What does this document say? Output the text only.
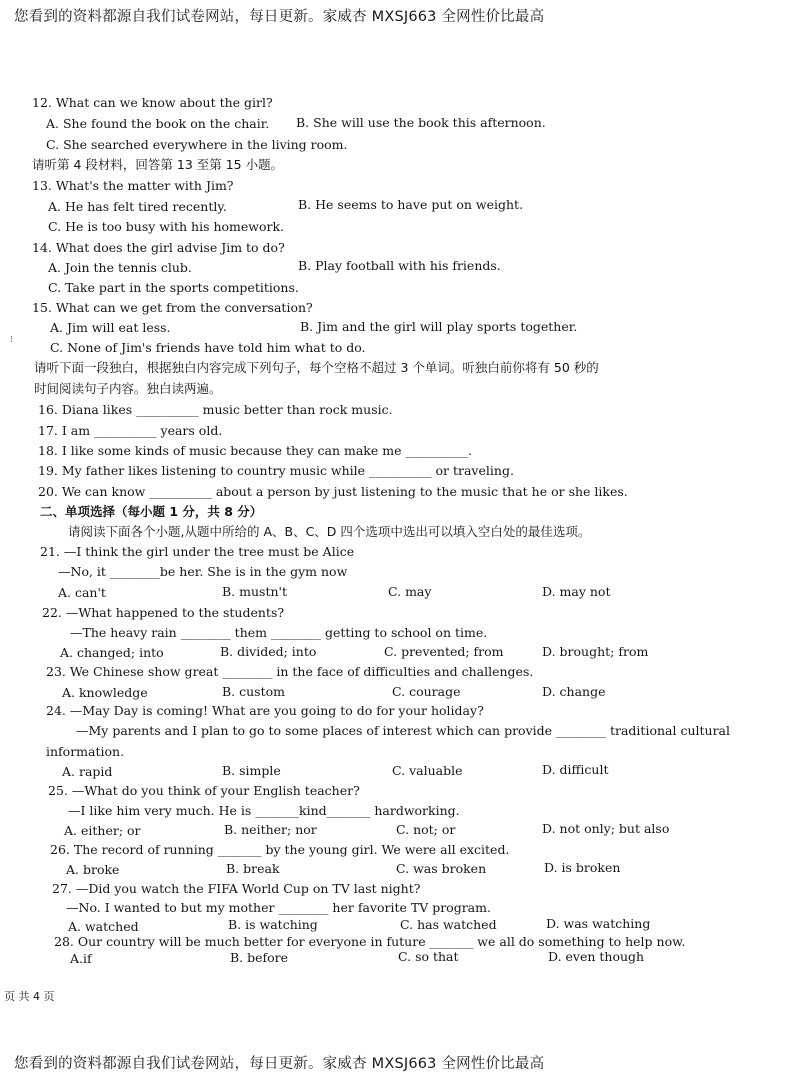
您看到的资料都源自我们试卷网站，每日更新。家威杏 MXSJ663 全网性价比最高
⁝
12. What can we know about the girl?
A. She found the book on the chair. B. She will use the book this afternoon.
C. She searched everywhere in the living room.
请听第 4 段材料，回答第 13 至第 15 小题。
13. What's the matter with Jim?
A. He has felt tired recently.	B. He seems to have put on weight.
C. He is too busy with his homework.
14. What does the girl advise Jim to do?
A. Join the tennis club.	B. Play football with his friends.
C. Take part in the sports competitions.
15. What can we get from the conversation?
A. Jim will eat less.	B. Jim and the girl will play sports together.
C. None of Jim's friends have told him what to do.
请听下面一段独白，根据独白内容完成下列句子，每个空格不超过 3 个单词。听独白前你将有 50 秒的
时间阅读句子内容。独白读两遍。
16. Diana likes __________ music better than rock music.
17. I am __________ years old.
18. I like some kinds of music because they can make me __________.
19. My father likes listening to country music while __________ or traveling.
20. We can know __________ about a person by just listening to the music that he or she likes.
二、单项选择（每小题 1 分，共 8 分）
请阅读下面各个小题,从题中所给的 A、B、C、D 四个选项中选出可以填入空白处的最佳选项。
21. —I think the girl under the tree must be Alice
—No, it ________be her. She is in the gym now
A. can't	B. mustn't	C. may	D. may not
22. —What happened to the students?
—The heavy rain ________ them ________ getting to school on time.
A. changed; into	B. divided; into	C. prevented; from	D. brought; from
23. We Chinese show great ________ in the face of difficulties and challenges.
A. knowledge	B. custom	C. courage	D. change
24. —May Day is coming! What are you going to do for your holiday?
—My parents and I plan to go to some places of interest which can provide ________ traditional cultural
information.
A. rapid	B. simple	C. valuable	D. difficult
25. —What do you think of your English teacher?
—I like him very much. He is _______kind_______ hardworking.
A. either; or	B. neither; nor	C. not; or	D. not only; but also
26. The record of running _______ by the young girl. We were all excited.
A. broke	B. break	C. was broken	D. is broken
27. —Did you watch the FIFA World Cup on TV last night?
—No. I wanted to but my mother ________ her favorite TV program.
A. watched	B. is watching	C. has watched	D. was watching
28. Our country will be much better for everyone in future _______ we all do something to help now.
A.if	B. before	C. so that	D. even though
页 共 4 页
您看到的资料都源自我们试卷网站，每日更新。家威杏 MXSJ663 全网性价比最高
